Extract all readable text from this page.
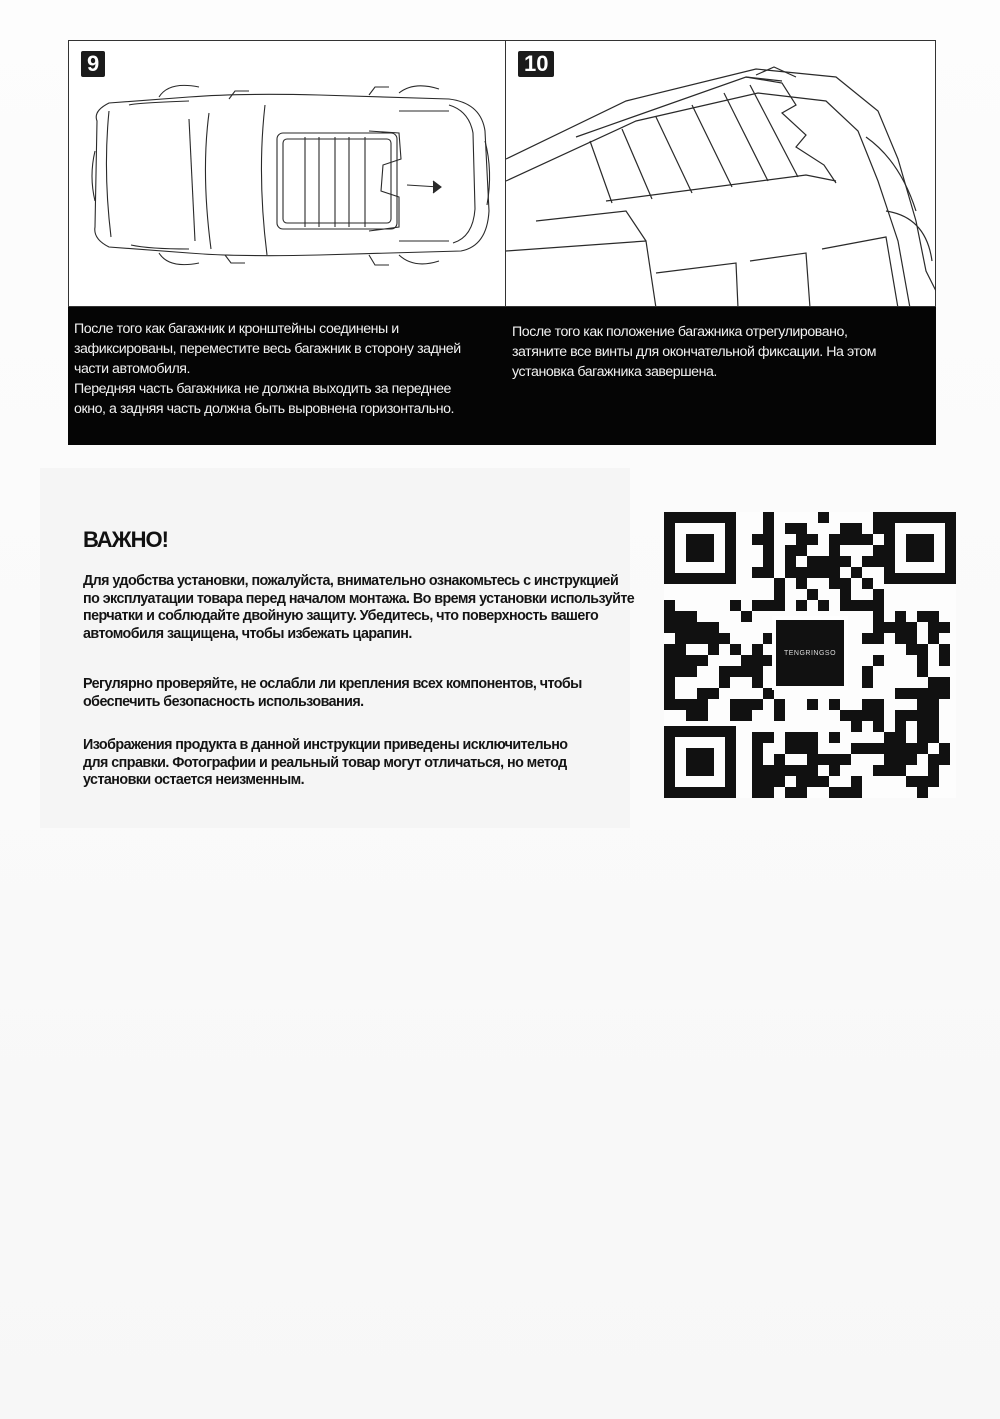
9	10
После того как багажник и кронштейны соединены и
зафиксированы, переместите весь багажник в сторону задней
части автомобиля.
Передняя часть багажника не должна выходить за переднее
окно, а задняя часть должна быть выровнена горизонтально.
После того как положение багажника отрегулировано,
затяните все винты для окончательной фиксации. На этом
установка багажника завершена.
ВАЖНО!
Для удобства установки, пожалуйста, внимательно ознакомьтесь с инструкцией
по эксплуатации товара перед началом монтажа. Во время установки используйте
перчатки и соблюдайте двойную защиту. Убедитесь, что поверхность вашего
автомобиля защищена, чтобы избежать царапин.
Регулярно проверяйте, не ослабли ли крепления всех компонентов, чтобы
обеспечить безопасность использования.
Изображения продукта в данной инструкции приведены исключительно
для справки. Фотографии и реальный товар могут отличаться, но метод
установки остается неизменным.
TENGRINGSO
